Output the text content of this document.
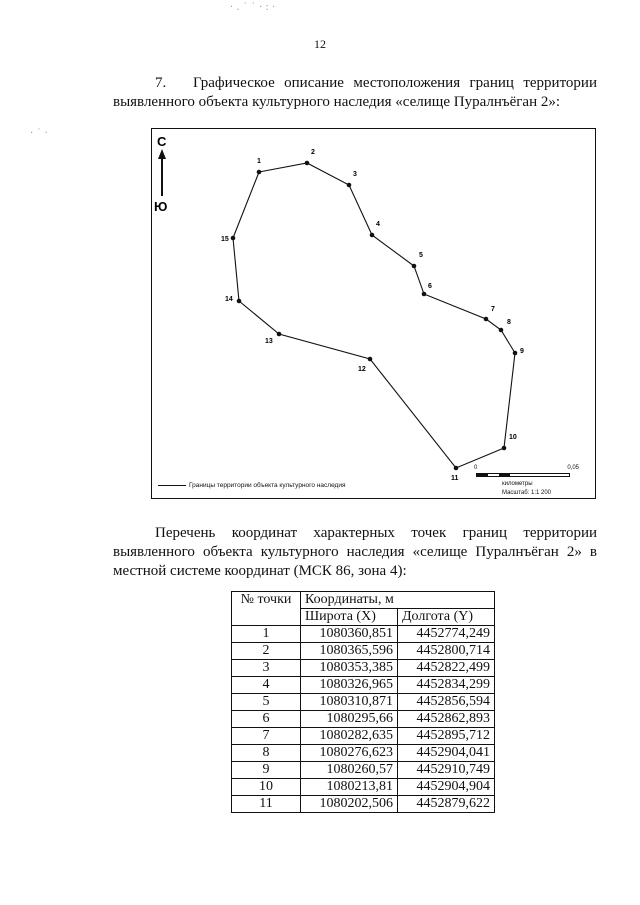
· . ˙ ˙ · : ·
· ˙ ·
12
7. Графическое описание местоположения границ территории выявленного объекта культурного наследия «селище Пуралнъёган 2»:
С
Ю
1
2
3
4
5
6
7
8
9
10
11
12
13
14
15
Границы территории объекта культурного наследия
0	0,05
километры
Масштаб: 1:1 200
Перечень координат характерных точек границ территории выявленного объекта культурного наследия «селище Пуралнъёган 2» в местной системе координат (МСК 86, зона 4):
№ точки	Координаты, м	
	Широта (X)	Долгота (Y)
1	1080360,851	4452774,249
2	1080365,596	4452800,714
3	1080353,385	4452822,499
4	1080326,965	4452834,299
5	1080310,871	4452856,594
6	1080295,66	4452862,893
7	1080282,635	4452895,712
8	1080276,623	4452904,041
9	1080260,57	4452910,749
10	1080213,81	4452904,904
11	1080202,506	4452879,622
